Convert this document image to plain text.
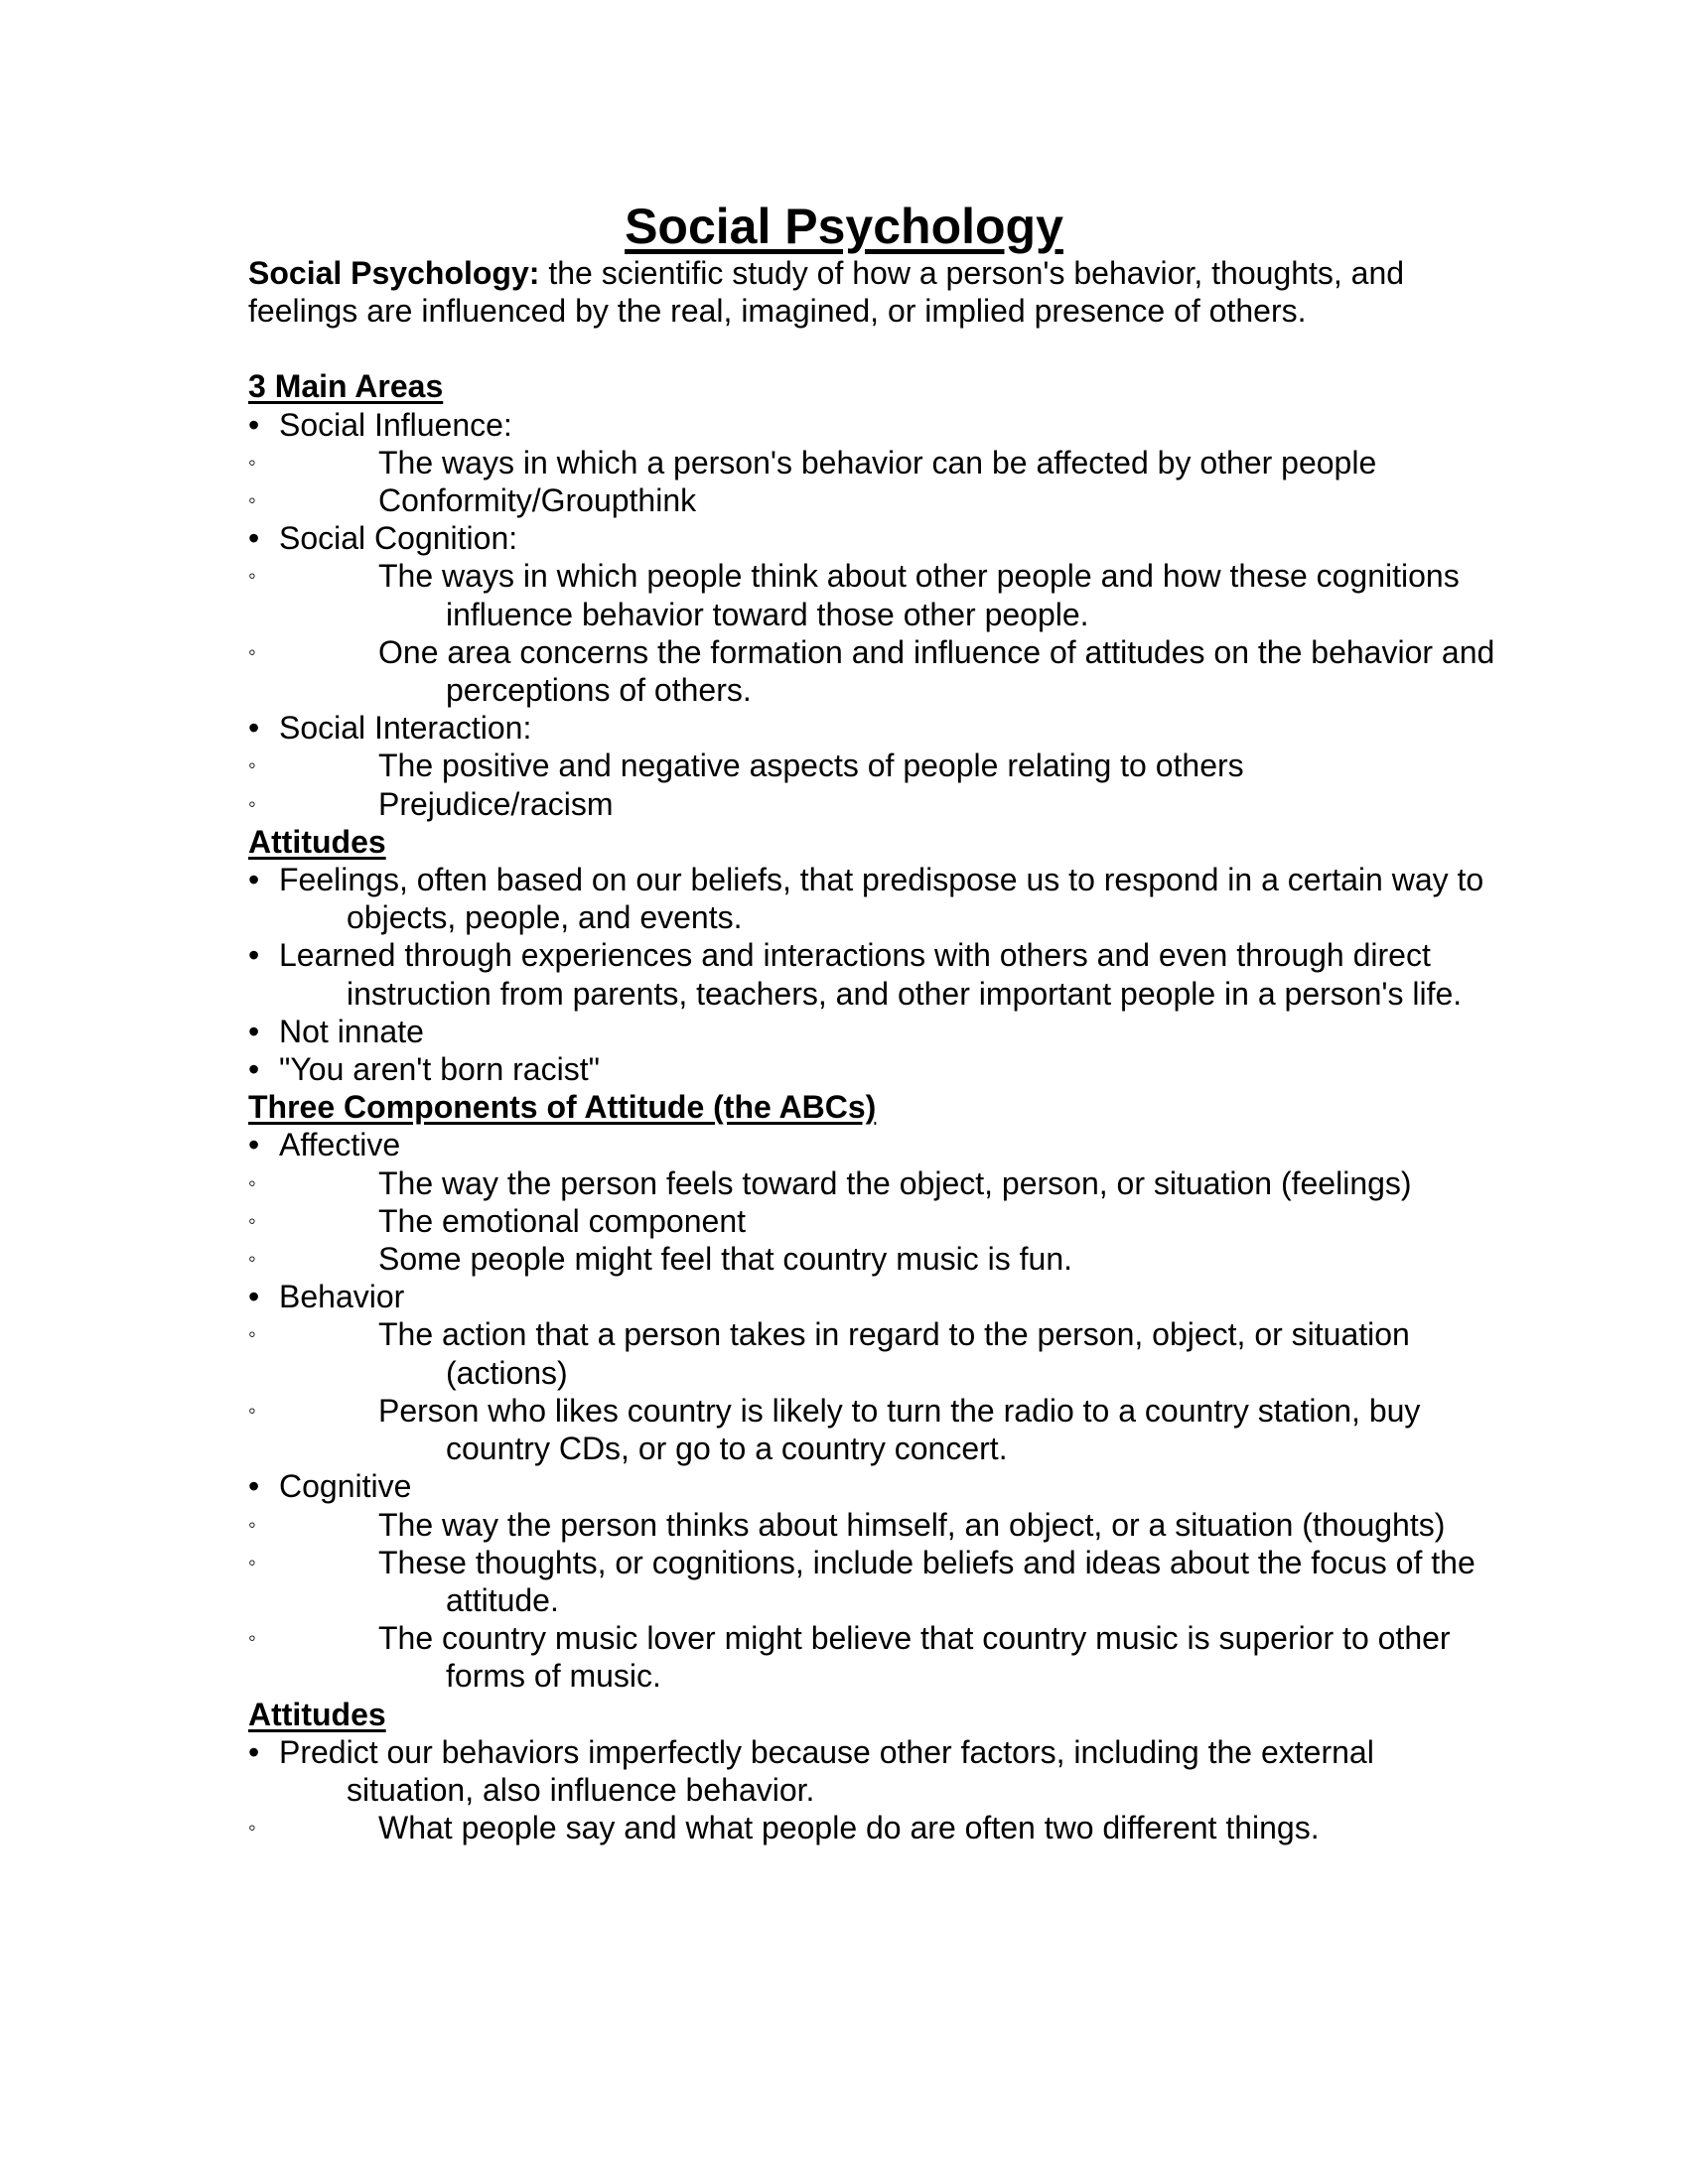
Social Psychology

Social Psychology: the scientific study of how a person's behavior, thoughts, and feelings are influenced by the real, imagined, or implied presence of others.

3 Main Areas

• Social Influence:
◦	The ways in which a person's behavior can be affected by other people
◦	Conformity/Groupthink
• Social Cognition:
◦	The ways in which people think about other people and how these cognitions influence behavior toward those other people.
◦	One area concerns the formation and influence of attitudes on the behavior and perceptions of others.
• Social Interaction:
◦	The positive and negative aspects of people relating to others
◦	Prejudice/racism

Attitudes

• Feelings, often based on our beliefs, that predispose us to respond in a certain way to objects, people, and events.
• Learned through experiences and interactions with others and even through direct instruction from parents, teachers, and other important people in a person's life.
• Not innate
• "You aren't born racist"

Three Components of Attitude (the ABCs)

• Affective
◦	The way the person feels toward the object, person, or situation (feelings)
◦	The emotional component
◦	Some people might feel that country music is fun.
• Behavior
◦	The action that a person takes in regard to the person, object, or situation (actions)
◦	Person who likes country is likely to turn the radio to a country station, buy country CDs, or go to a country concert.
• Cognitive
◦	The way the person thinks about himself, an object, or a situation (thoughts)
◦	These thoughts, or cognitions, include beliefs and ideas about the focus of the attitude.
◦	The country music lover might believe that country music is superior to other forms of music.

Attitudes

• Predict our behaviors imperfectly because other factors, including the external situation, also influence behavior.
◦	What people say and what people do are often two different things.
